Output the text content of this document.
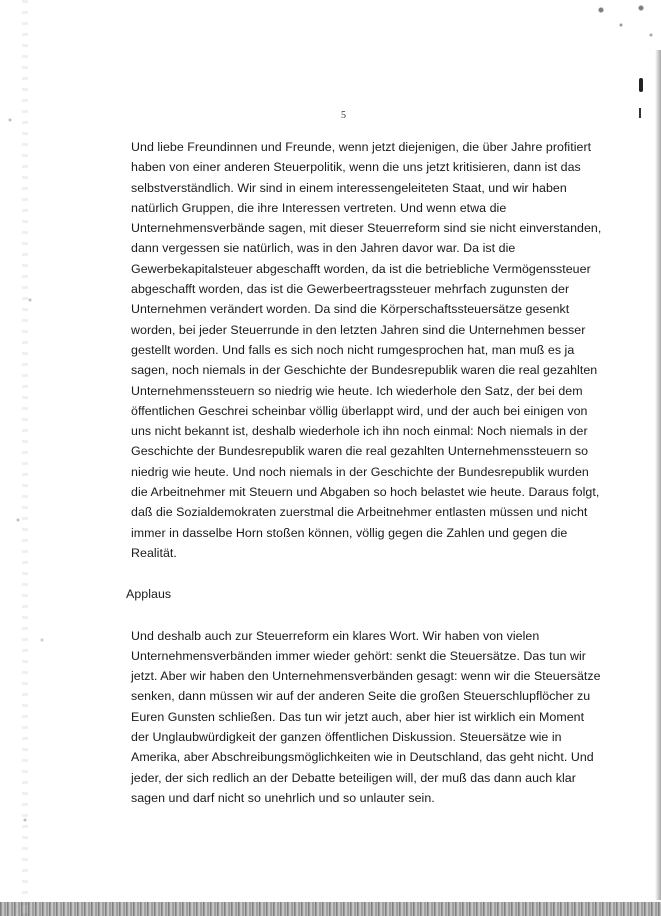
5

Und liebe Freundinnen und Freunde, wenn jetzt diejenigen, die über Jahre profitiert
haben von einer anderen Steuerpolitik, wenn die uns jetzt kritisieren, dann ist das
selbstverständlich. Wir sind in einem interessengeleiteten Staat, und wir haben
natürlich Gruppen, die ihre Interessen vertreten. Und wenn etwa die
Unternehmensverbände sagen, mit dieser Steuerreform sind sie nicht einverstanden,
dann vergessen sie natürlich, was in den Jahren davor war. Da ist die
Gewerbekapitalsteuer abgeschafft worden, da ist die betriebliche Vermögenssteuer
abgeschafft worden, das ist die Gewerbeertragssteuer mehrfach zugunsten der
Unternehmen verändert worden. Da sind die Körperschaftssteuersätze gesenkt
worden, bei jeder Steuerrunde in den letzten Jahren sind die Unternehmen besser
gestellt worden. Und falls es sich noch nicht rumgesprochen hat, man muß es ja
sagen, noch niemals in der Geschichte der Bundesrepublik waren die real gezahlten
Unternehmenssteuern so niedrig wie heute. Ich wiederhole den Satz, der bei dem
öffentlichen Geschrei scheinbar völlig überlappt wird, und der auch bei einigen von
uns nicht bekannt ist, deshalb wiederhole ich ihn noch einmal: Noch niemals in der
Geschichte der Bundesrepublik waren die real gezahlten Unternehmenssteuern so
niedrig wie heute. Und noch niemals in der Geschichte der Bundesrepublik wurden
die Arbeitnehmer mit Steuern und Abgaben so hoch belastet wie heute. Daraus folgt,
daß die Sozialdemokraten zuerstmal die Arbeitnehmer entlasten müssen und nicht
immer in dasselbe Horn stoßen können, völlig gegen die Zahlen und gegen die
Realität.

Applaus

Und deshalb auch zur Steuerreform ein klares Wort. Wir haben von vielen
Unternehmensverbänden immer wieder gehört: senkt die Steuersätze. Das tun wir
jetzt. Aber wir haben den Unternehmensverbänden gesagt: wenn wir die Steuersätze
senken, dann müssen wir auf der anderen Seite die großen Steuerschlupflöcher zu
Euren Gunsten schließen. Das tun wir jetzt auch, aber hier ist wirklich ein Moment
der Unglaubwürdigkeit der ganzen öffentlichen Diskussion. Steuersätze wie in
Amerika, aber Abschreibungsmöglichkeiten wie in Deutschland, das geht nicht. Und
jeder, der sich redlich an der Debatte beteiligen will, der muß das dann auch klar
sagen und darf nicht so unehrlich und so unlauter sein.
